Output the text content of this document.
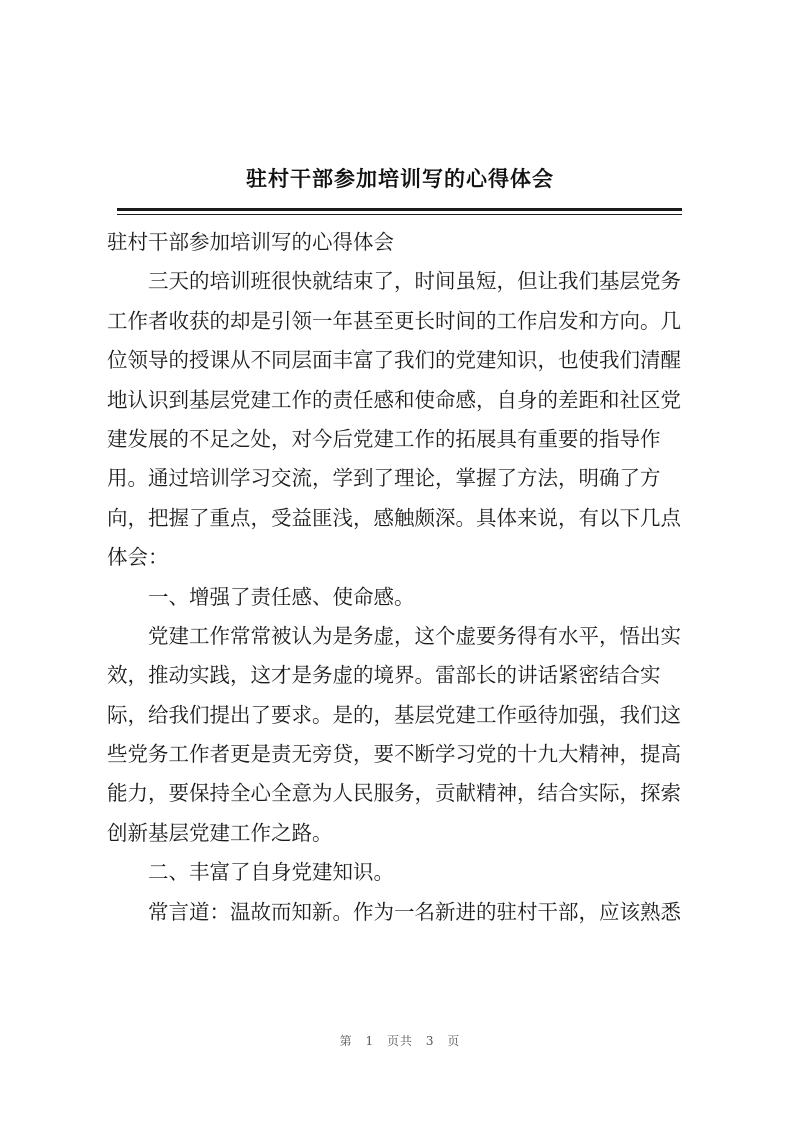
驻村干部参加培训写的心得体会
驻村干部参加培训写的心得体会
　　三天的培训班很快就结束了，时间虽短，但让我们基层党务
工作者收获的却是引领一年甚至更长时间的工作启发和方向。几
位领导的授课从不同层面丰富了我们的党建知识，也使我们清醒
地认识到基层党建工作的责任感和使命感，自身的差距和社区党
建发展的不足之处，对今后党建工作的拓展具有重要的指导作
用。通过培训学习交流，学到了理论，掌握了方法，明确了方
向，把握了重点，受益匪浅，感触颇深。具体来说，有以下几点
体会：
　　一、增强了责任感、使命感。
　　党建工作常常被认为是务虚，这个虚要务得有水平，悟出实
效，推动实践，这才是务虚的境界。雷部长的讲话紧密结合实
际，给我们提出了要求。是的，基层党建工作亟待加强，我们这
些党务工作者更是责无旁贷，要不断学习党的十九大精神，提高
能力，要保持全心全意为人民服务，贡献精神，结合实际，探索
创新基层党建工作之路。
　　二、丰富了自身党建知识。
　　常言道：温故而知新。作为一名新进的驻村干部，应该熟悉
第 1 页共 3 页
